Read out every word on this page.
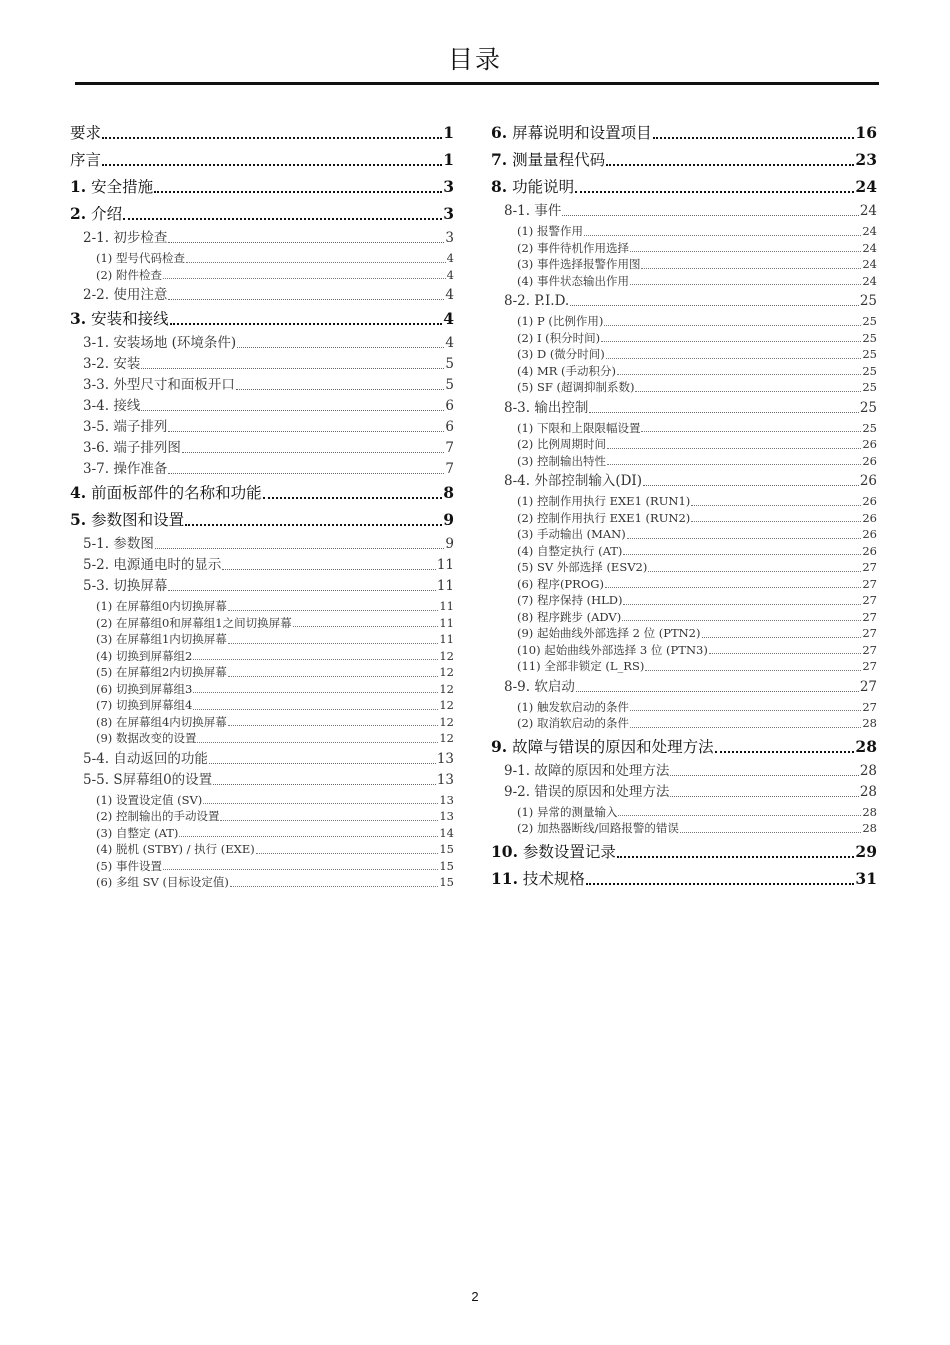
目录
要求	1
序言	1
1. 安全措施	3
2. 介绍	3
2-1. 初步检查	3
(1) 型号代码检查	4
(2) 附件检查	4
2-2. 使用注意	4
3. 安装和接线	4
3-1. 安装场地 (环境条件)	4
3-2. 安装	5
3-3. 外型尺寸和面板开口	5
3-4. 接线	6
3-5. 端子排列	6
3-6. 端子排列图	7
3-7. 操作准备	7
4. 前面板部件的名称和功能	8
5. 参数图和设置	9
5-1. 参数图	9
5-2. 电源通电时的显示	11
5-3. 切换屏幕	11
(1) 在屏幕组0内切换屏幕	11
(2) 在屏幕组0和屏幕组1之间切换屏幕	11
(3) 在屏幕组1内切换屏幕	11
(4) 切换到屏幕组2	12
(5) 在屏幕组2内切换屏幕	12
(6) 切换到屏幕组3	12
(7) 切换到屏幕组4	12
(8) 在屏幕组4内切换屏幕	12
(9) 数据改变的设置	12
5-4. 自动返回的功能	13
5-5. S屏幕组0的设置	13
(1) 设置设定值 (SV)	13
(2) 控制输出的手动设置	13
(3) 自整定 (AT)	14
(4) 脱机 (STBY) / 执行 (EXE)	15
(5) 事件设置	15
(6) 多组 SV (目标设定值)	15
6. 屏幕说明和设置项目	16
7. 测量量程代码	23
8. 功能说明	24
8-1. 事件	24
(1) 报警作用	24
(2) 事件待机作用选择	24
(3) 事件选择报警作用图	24
(4) 事件状态输出作用	24
8-2. P.I.D.	25
(1) P (比例作用)	25
(2) I (积分时间)	25
(3) D (微分时间)	25
(4) MR (手动积分)	25
(5) SF (超调抑制系数)	25
8-3. 输出控制	25
(1) 下限和上限限幅设置	25
(2) 比例周期时间	26
(3) 控制输出特性	26
8-4. 外部控制输入(DI)	26
(1) 控制作用执行 EXE1 (RUN1)	26
(2) 控制作用执行 EXE1 (RUN2)	26
(3) 手动输出 (MAN)	26
(4) 自整定执行 (AT)	26
(5) SV 外部选择 (ESV2)	27
(6) 程序(PROG)	27
(7) 程序保持 (HLD)	27
(8) 程序跳步 (ADV)	27
(9) 起始曲线外部选择 2 位 (PTN2)	27
(10) 起始曲线外部选择 3 位 (PTN3)	27
(11) 全部非锁定 (L_RS)	27
8-9. 软启动	27
(1) 触发软启动的条件	27
(2) 取消软启动的条件	28
9. 故障与错误的原因和处理方法	28
9-1. 故障的原因和处理方法	28
9-2. 错误的原因和处理方法	28
(1) 异常的测量输入	28
(2) 加热器断线/回路报警的错误	28
10. 参数设置记录	29
11. 技术规格	31
2
